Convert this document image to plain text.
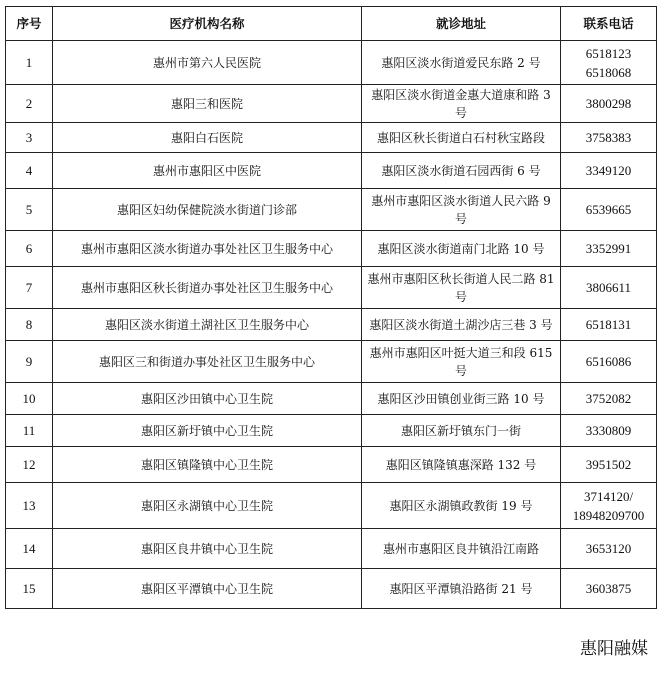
序号	医疗机构名称	就诊地址	联系电话
1	惠州市第六人民医院	惠阳区淡水街道爱民东路 2 号	6518123
6518068

2	惠阳三和医院	惠阳区淡水街道金惠大道康和路 3 号	3800298

3	惠阳白石医院	惠阳区秋长街道白石村秋宝路段	3758383

4	惠州市惠阳区中医院	惠阳区淡水街道石园西街 6 号	3349120

5	惠阳区妇幼保健院淡水街道门诊部	惠州市惠阳区淡水街道人民六路 9 号	6539665

6	惠州市惠阳区淡水街道办事处社区卫生服务中心	惠阳区淡水街道南门北路 10 号	3352991

7	惠州市惠阳区秋长街道办事处社区卫生服务中心	惠州市惠阳区秋长街道人民二路 81 号	3806611

8	惠阳区淡水街道土湖社区卫生服务中心	惠阳区淡水街道土湖沙店三巷 3 号	6518131

9	惠阳区三和街道办事处社区卫生服务中心	惠州市惠阳区叶挺大道三和段 615 号	6516086

10	惠阳区沙田镇中心卫生院	惠阳区沙田镇创业街三路 10 号	3752082

11	惠阳区新圩镇中心卫生院	惠阳区新圩镇东门一街	3330809

12	惠阳区镇隆镇中心卫生院	惠阳区镇隆镇惠深路 132 号	3951502

13	惠阳区永湖镇中心卫生院	惠阳区永湖镇政教街 19 号	3714120/
18948209700

14	惠阳区良井镇中心卫生院	惠州市惠阳区良井镇沿江南路	3653120

15	惠阳区平潭镇中心卫生院	惠阳区平潭镇沿路街 21 号	3603875
惠阳融媒
